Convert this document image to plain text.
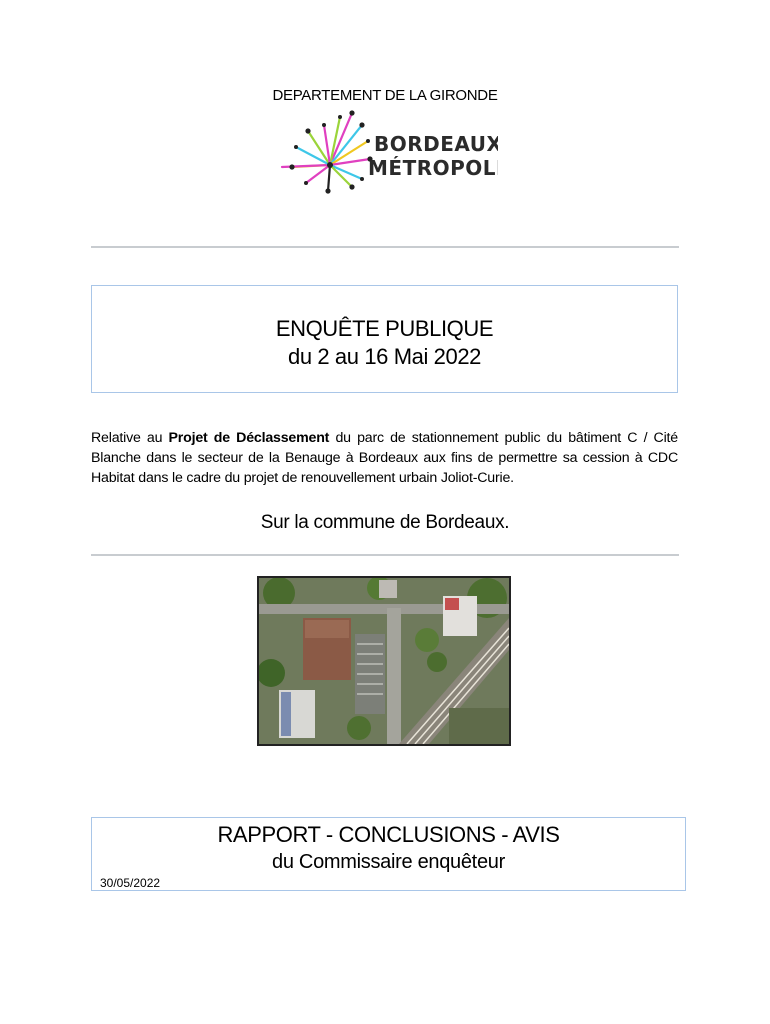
DEPARTEMENT DE LA GIRONDE
BORDEAUX
MÉTROPOLE
ENQUÊTE PUBLIQUE
du 2 au 16 Mai 2022
Relative au Projet de Déclassement du parc de stationnement public du bâtiment C / Cité Blanche dans le secteur de la Benauge à Bordeaux aux fins de permettre sa cession à CDC Habitat dans le cadre du projet de renouvellement urbain Joliot-Curie.
Sur la commune de Bordeaux.
RAPPORT - CONCLUSIONS - AVIS
du Commissaire enquêteur
30/05/2022
